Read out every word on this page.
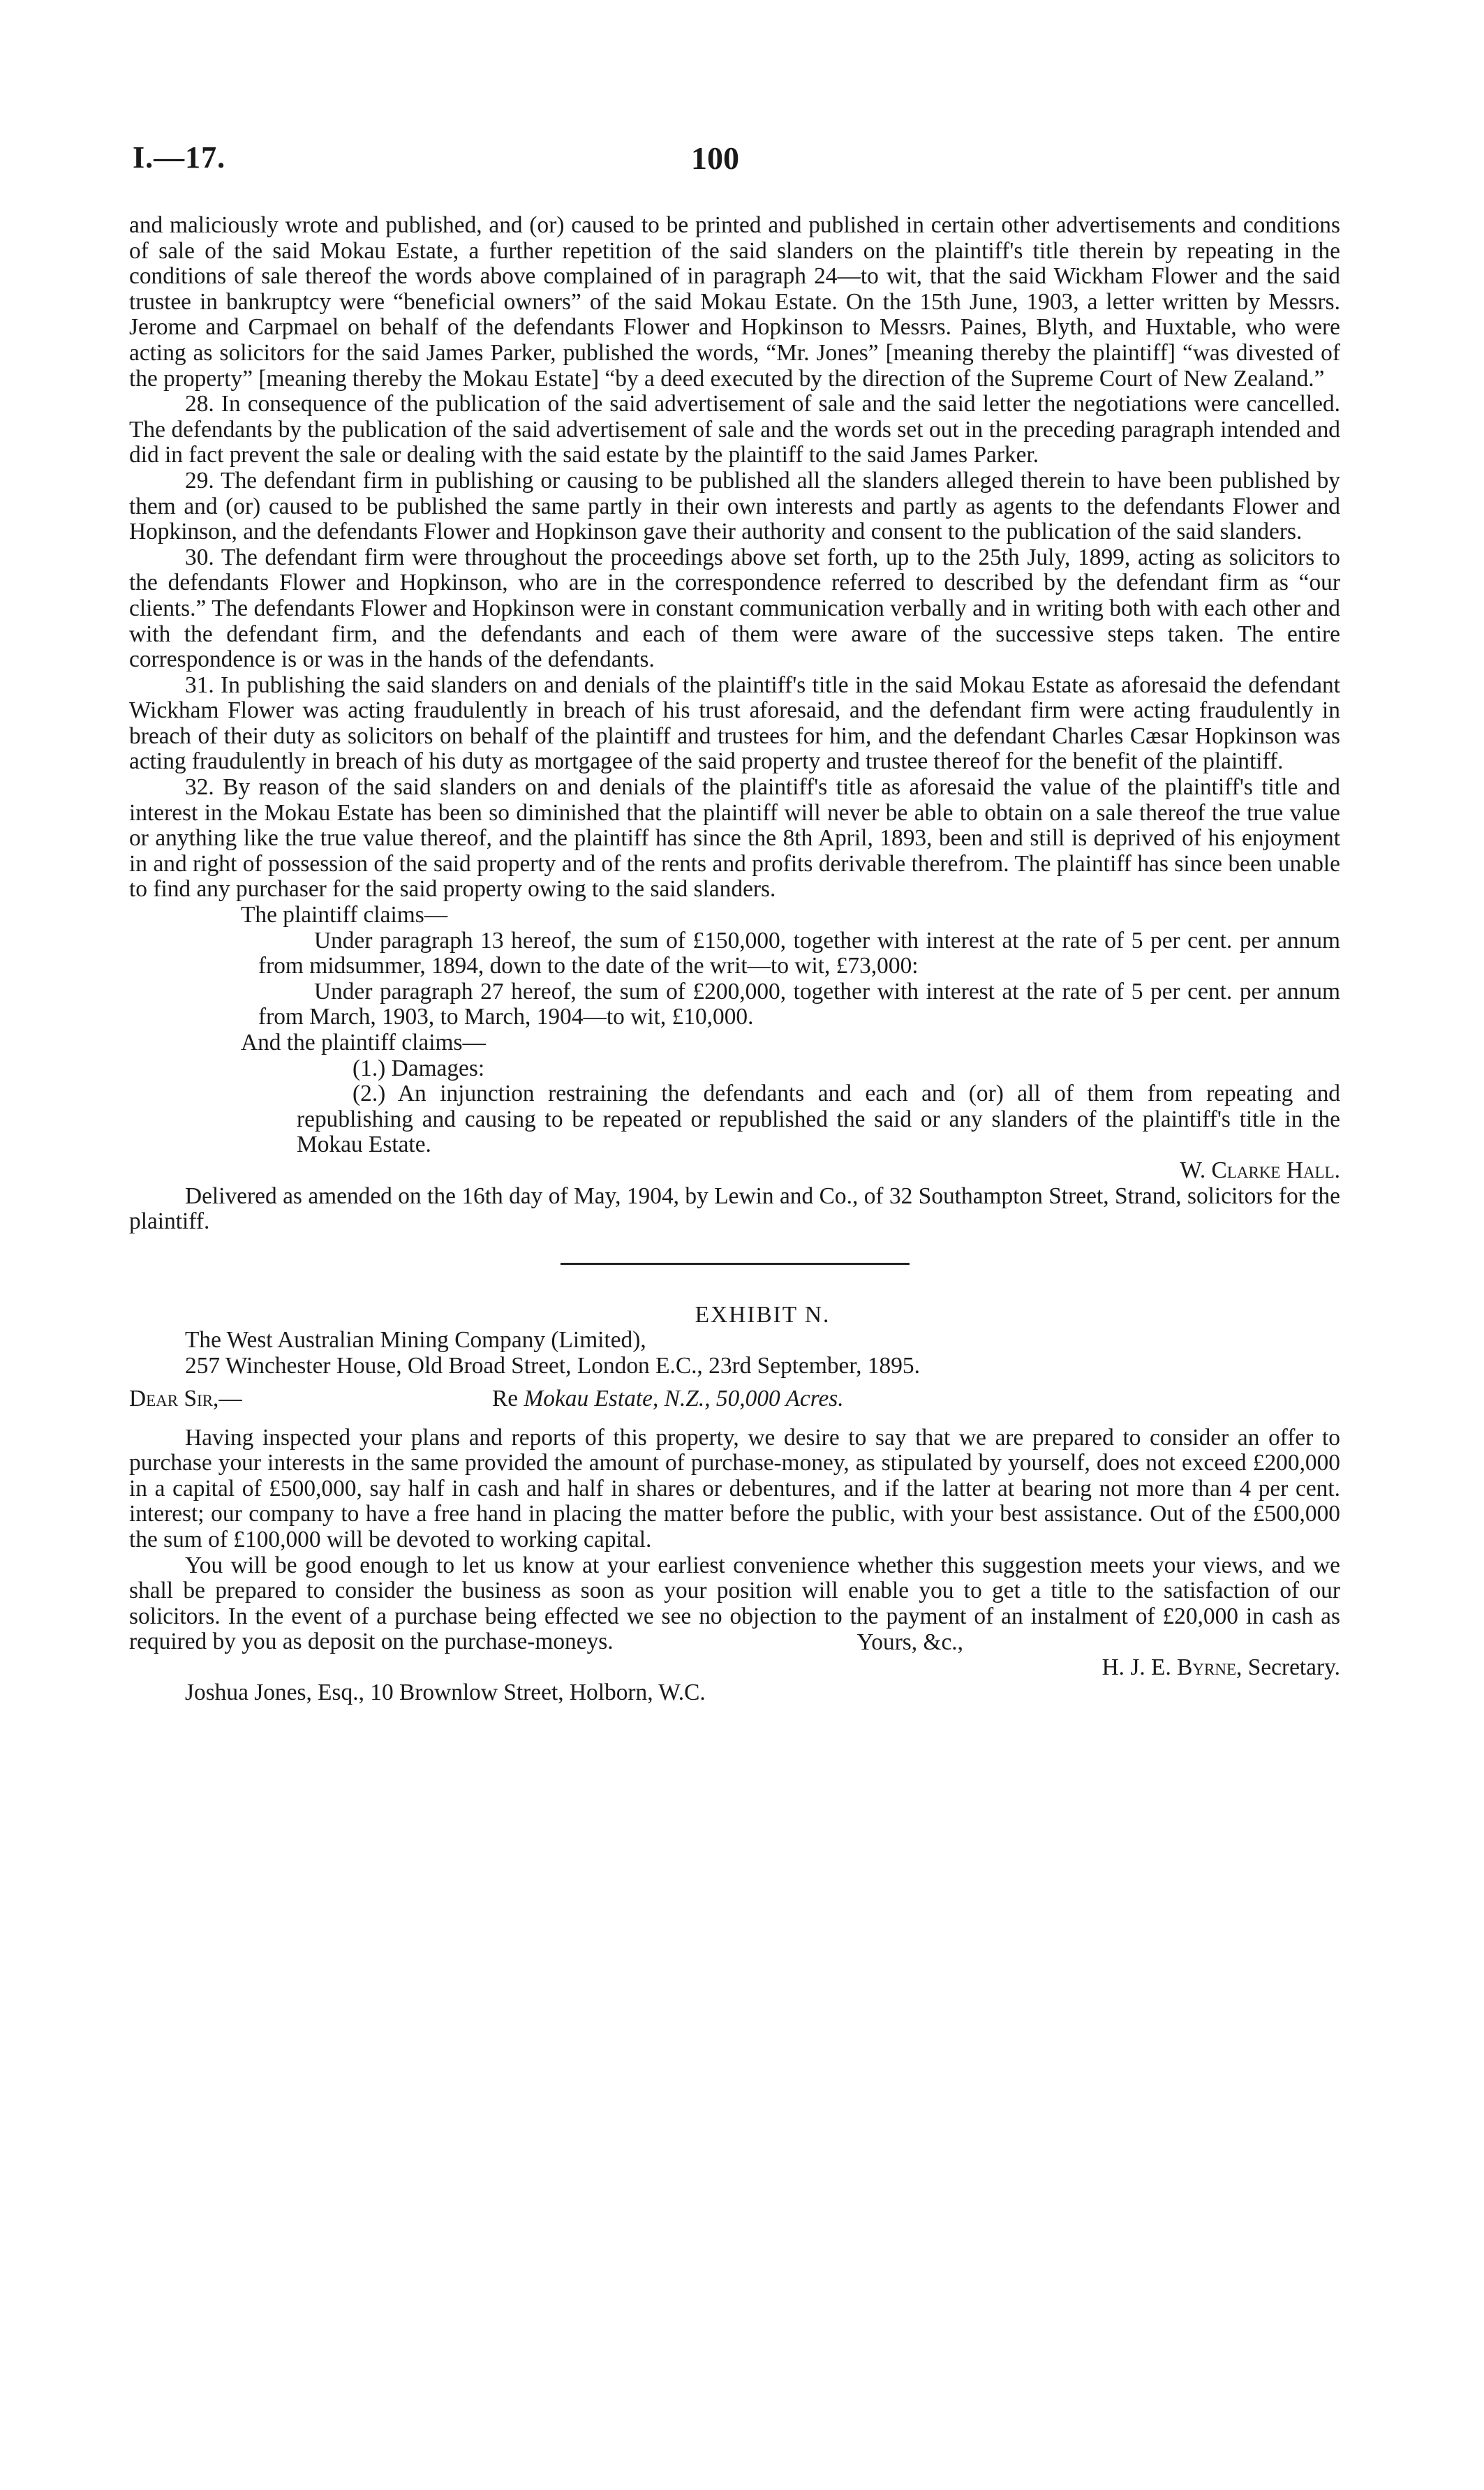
I.—17.	100

and maliciously wrote and published, and (or) caused to be printed and published in certain other advertisements and conditions of sale of the said Mokau Estate, a further repetition of the said slanders on the plaintiff's title therein by repeating in the conditions of sale thereof the words above complained of in paragraph 24—to wit, that the said Wickham Flower and the said trustee in bankruptcy were “beneficial owners” of the said Mokau Estate. On the 15th June, 1903, a letter written by Messrs. Jerome and Carpmael on behalf of the defendants Flower and Hopkinson to Messrs. Paines, Blyth, and Huxtable, who were acting as solicitors for the said James Parker, published the words, “Mr. Jones” [meaning thereby the plaintiff] “was divested of the property” [meaning thereby the Mokau Estate] “by a deed executed by the direction of the Supreme Court of New Zealand.”

28. In consequence of the publication of the said advertisement of sale and the said letter the negotiations were cancelled. The defendants by the publication of the said advertisement of sale and the words set out in the preceding paragraph intended and did in fact prevent the sale or dealing with the said estate by the plaintiff to the said James Parker.

29. The defendant firm in publishing or causing to be published all the slanders alleged therein to have been published by them and (or) caused to be published the same partly in their own interests and partly as agents to the defendants Flower and Hopkinson, and the defendants Flower and Hopkinson gave their authority and consent to the publication of the said slanders.

30. The defendant firm were throughout the proceedings above set forth, up to the 25th July, 1899, acting as solicitors to the defendants Flower and Hopkinson, who are in the correspondence referred to described by the defendant firm as “our clients.” The defendants Flower and Hopkinson were in constant communication verbally and in writing both with each other and with the defendant firm, and the defendants and each of them were aware of the successive steps taken. The entire correspondence is or was in the hands of the defendants.

31. In publishing the said slanders on and denials of the plaintiff's title in the said Mokau Estate as aforesaid the defendant Wickham Flower was acting fraudulently in breach of his trust aforesaid, and the defendant firm were acting fraudulently in breach of their duty as solicitors on behalf of the plaintiff and trustees for him, and the defendant Charles Cæsar Hopkinson was acting fraudulently in breach of his duty as mortgagee of the said property and trustee thereof for the benefit of the plaintiff.

32. By reason of the said slanders on and denials of the plaintiff's title as aforesaid the value of the plaintiff's title and interest in the Mokau Estate has been so diminished that the plaintiff will never be able to obtain on a sale thereof the true value or anything like the true value thereof, and the plaintiff has since the 8th April, 1893, been and still is deprived of his enjoyment in and right of possession of the said property and of the rents and profits derivable therefrom. The plaintiff has since been unable to find any purchaser for the said property owing to the said slanders.

The plaintiff claims—

Under paragraph 13 hereof, the sum of £150,000, together with interest at the rate of 5 per cent. per annum from midsummer, 1894, down to the date of the writ—to wit, £73,000:

Under paragraph 27 hereof, the sum of £200,000, together with interest at the rate of 5 per cent. per annum from March, 1903, to March, 1904—to wit, £10,000.

And the plaintiff claims—

(1.) Damages:

(2.) An injunction restraining the defendants and each and (or) all of them from repeating and republishing and causing to be repeated or republished the said or any slanders of the plaintiff's title in the Mokau Estate.

W. Clarke Hall.

Delivered as amended on the 16th day of May, 1904, by Lewin and Co., of 32 Southampton Street, Strand, solicitors for the plaintiff.

EXHIBIT N.

The West Australian Mining Company (Limited),

257 Winchester House, Old Broad Street, London E.C., 23rd September, 1895.

Dear Sir,—	Re Mokau Estate, N.Z., 50,000 Acres.

Having inspected your plans and reports of this property, we desire to say that we are prepared to consider an offer to purchase your interests in the same provided the amount of purchase-money, as stipulated by yourself, does not exceed £200,000 in a capital of £500,000, say half in cash and half in shares or debentures, and if the latter at bearing not more than 4 per cent. interest; our company to have a free hand in placing the matter before the public, with your best assistance. Out of the £500,000 the sum of £100,000 will be devoted to working capital.

You will be good enough to let us know at your earliest convenience whether this suggestion meets your views, and we shall be prepared to consider the business as soon as your position will enable you to get a title to the satisfaction of our solicitors. In the event of a purchase being effected we see no objection to the payment of an instalment of £20,000 in cash as required by you as deposit on the purchase-moneys.	Yours, &c.,

H. J. E. Byrne, Secretary.

Joshua Jones, Esq., 10 Brownlow Street, Holborn, W.C.
